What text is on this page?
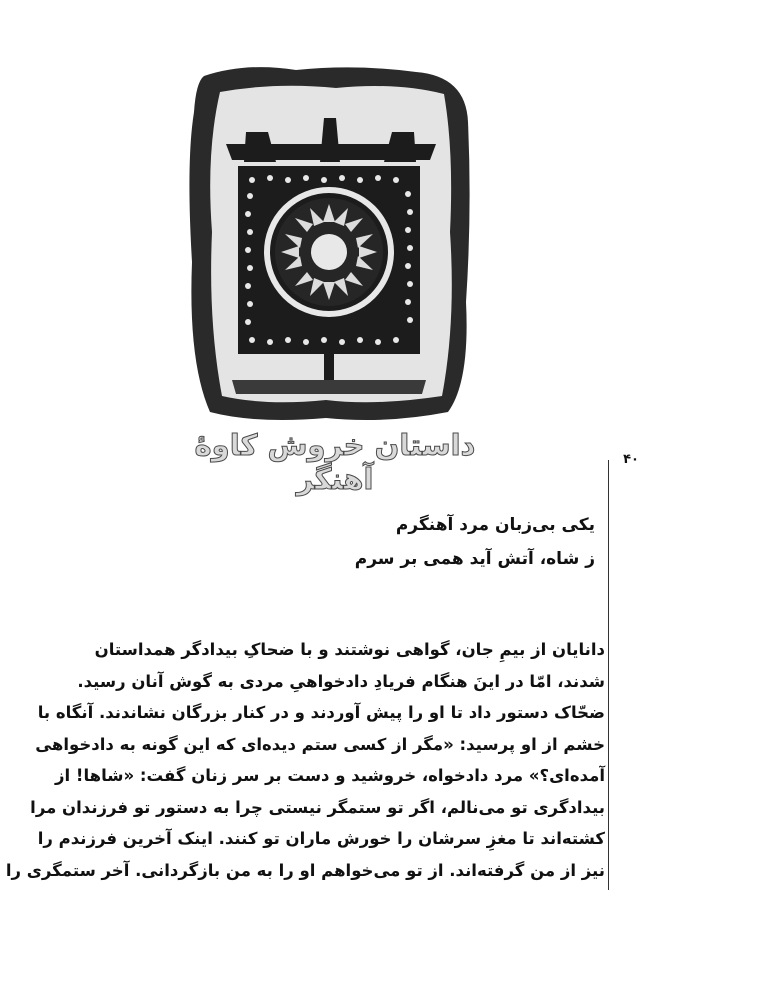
داستان خروش کاوهٔ آهنگر
۴۰
یکی بی‌زبان مرد آهنگرم
ز شاه، آتش آید همی بر سرم
دانایان از بیمِ جان، گواهی نوشتند و با ضحاکِ بیدادگر همداستان
شدند، امّا در اینَ هنگام فریادِ دادخواهیِ مردی به گوش آنان رسید.
ضحّاک دستور داد تا او را پیش آوردند و در کنار بزرگان نشاندند. آنگاه با
خشم از او پرسید: «مگر از کسی ستم دیده‌ای که این گونه به دادخواهی
آمده‌ای؟» مرد دادخواه، خروشید و دست بر سر زنان گفت: «شاها! از
بیدادگری تو می‌نالم، اگر تو ستمگر نیستی چرا به دستور تو فرزندان مرا
کشته‌اند تا مغزِ سرشان را خورش ماران تو کنند. اینک آخرین فرزندم را
نیز از من گرفته‌اند. از تو می‌خواهم او را به من بازگردانی. آخر ستمگری را
